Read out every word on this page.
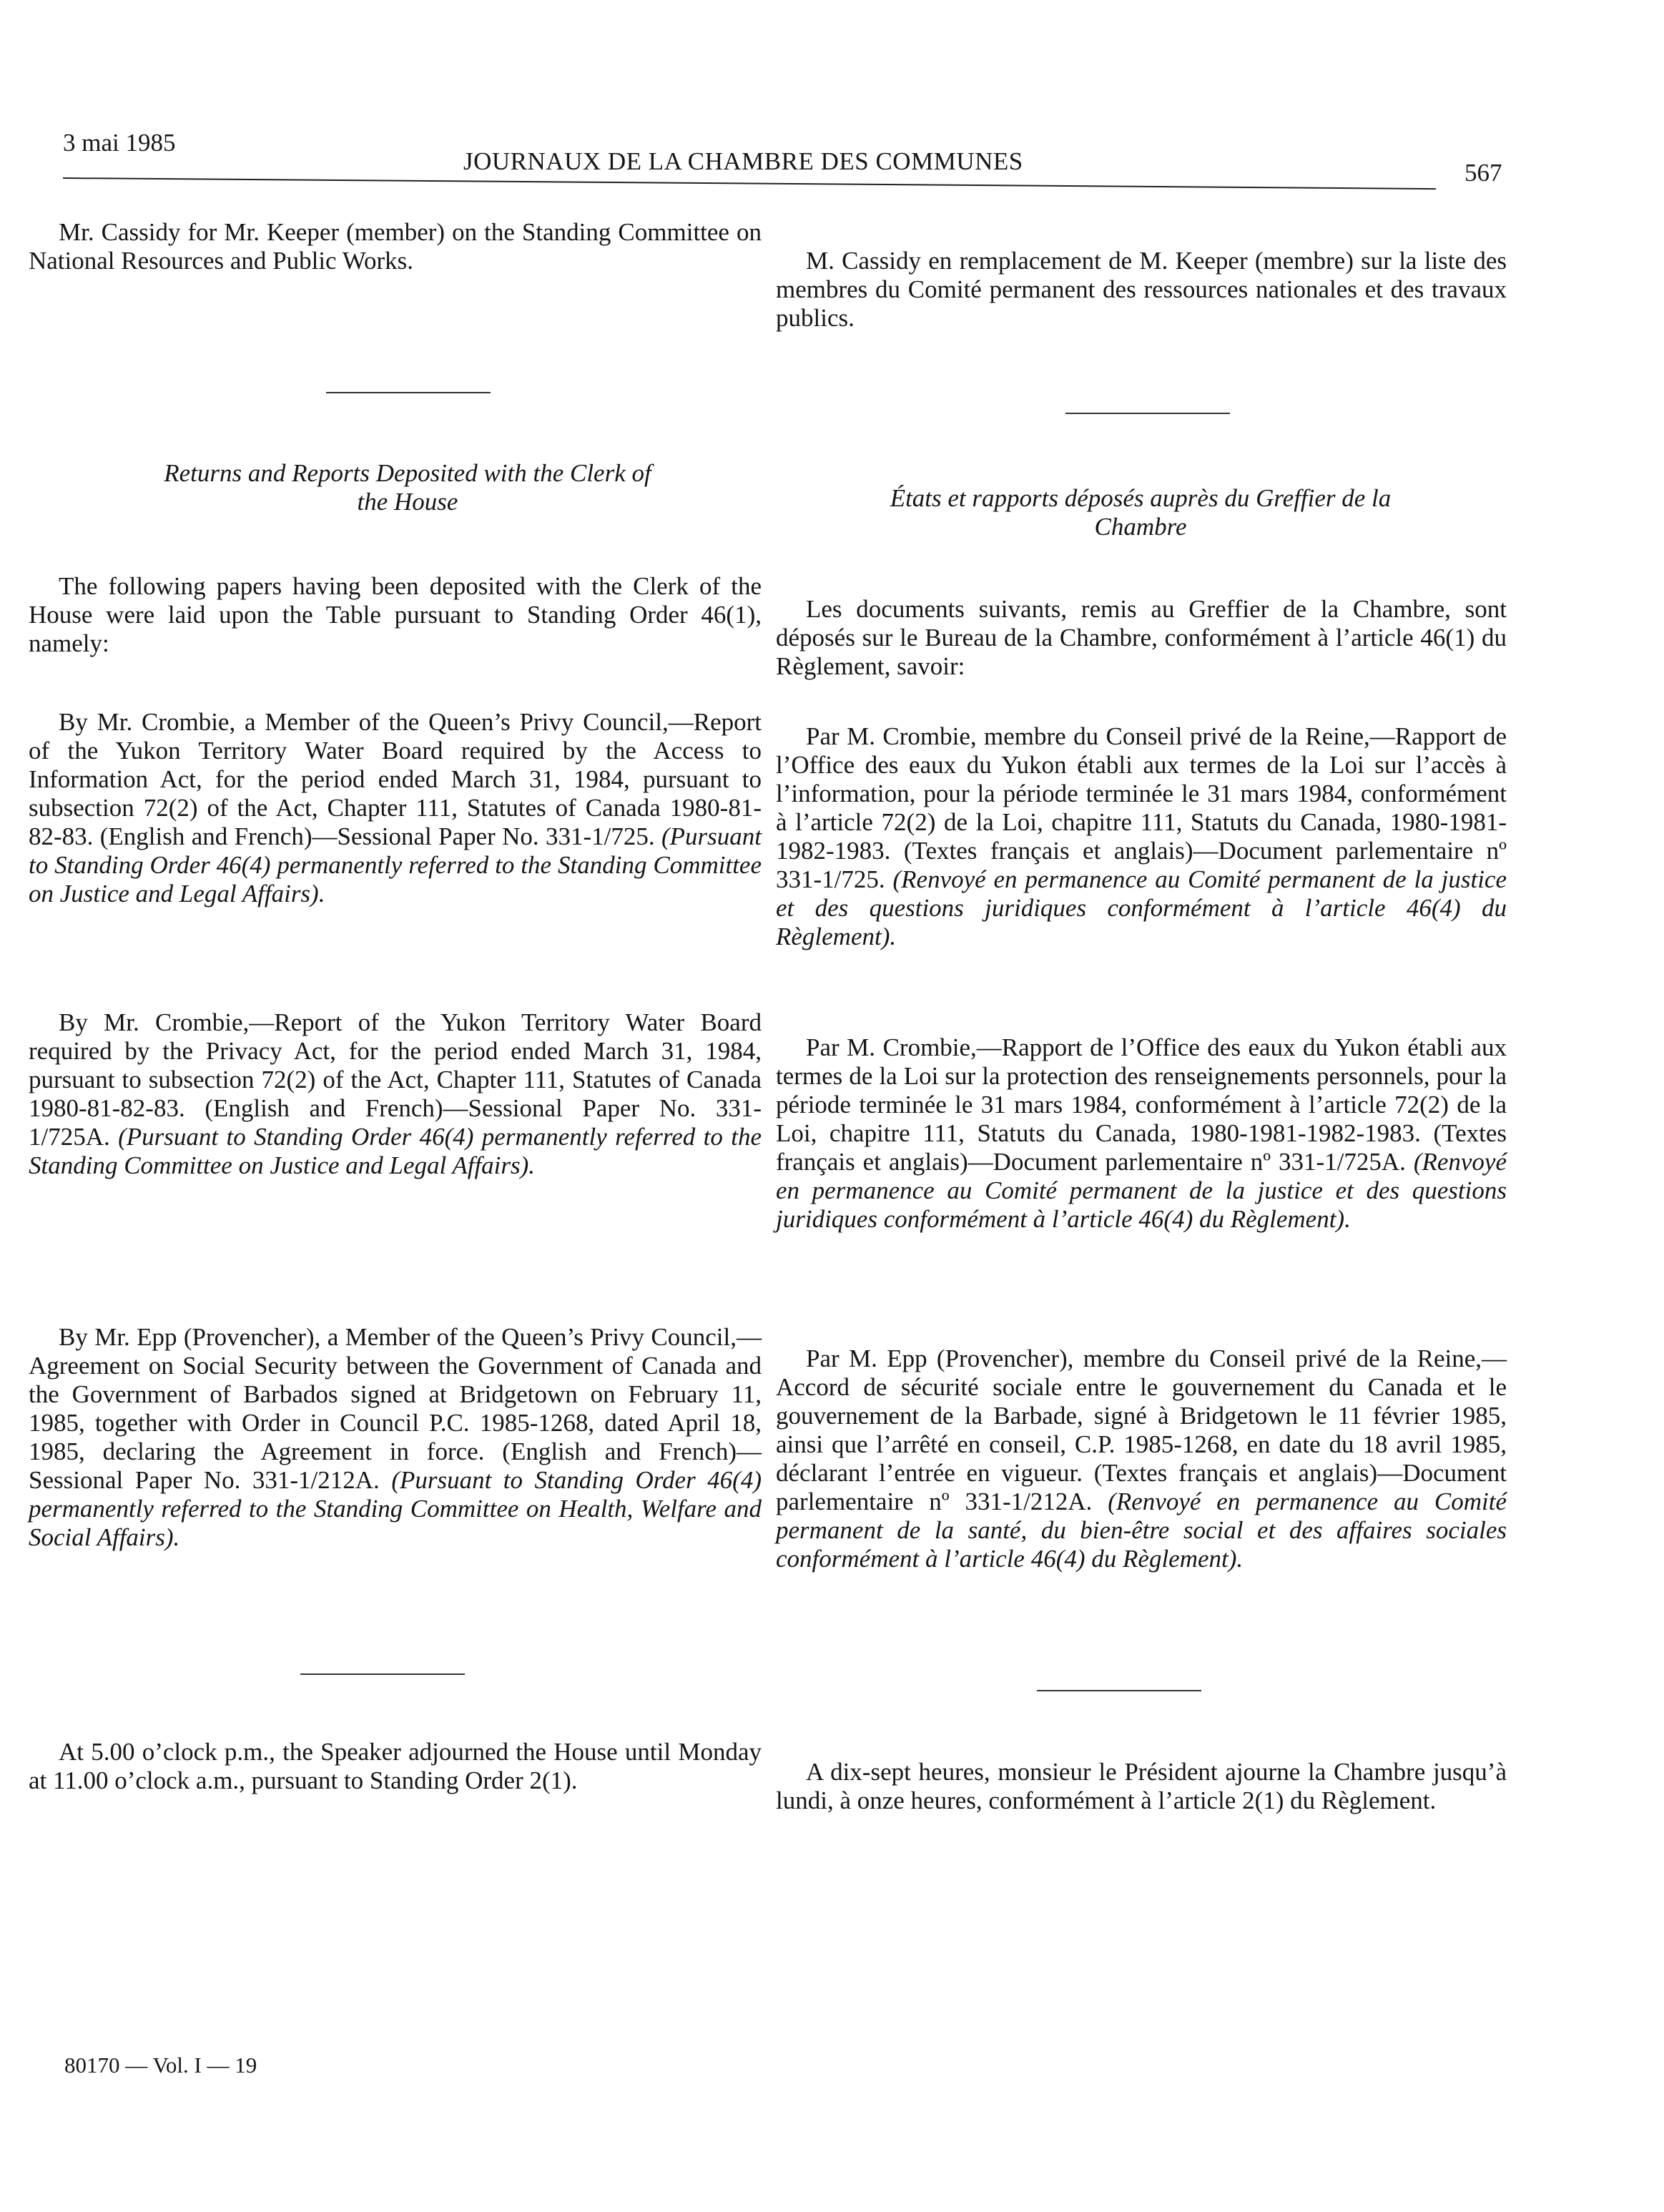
3 mai 1985
JOURNAUX DE LA CHAMBRE DES COMMUNES	567

Mr. Cassidy for Mr. Keeper (member) on the Standing Committee on National Resources and Public Works.

Returns and Reports Deposited with the Clerk of the House

The following papers having been deposited with the Clerk of the House were laid upon the Table pursuant to Standing Order 46(1), namely:

By Mr. Crombie, a Member of the Queen’s Privy Council,—Report of the Yukon Territory Water Board required by the Access to Information Act, for the period ended March 31, 1984, pursuant to subsection 72(2) of the Act, Chapter 111, Statutes of Canada 1980-81-82-83. (English and French)—Sessional Paper No. 331-1/725. (Pursuant to Standing Order 46(4) permanently referred to the Standing Committee on Justice and Legal Affairs).

By Mr. Crombie,—Report of the Yukon Territory Water Board required by the Privacy Act, for the period ended March 31, 1984, pursuant to subsection 72(2) of the Act, Chapter 111, Statutes of Canada 1980-81-82-83. (English and French)—Sessional Paper No. 331-1/725A. (Pursuant to Standing Order 46(4) permanently referred to the Standing Committee on Justice and Legal Affairs).

By Mr. Epp (Provencher), a Member of the Queen’s Privy Council,—Agreement on Social Security between the Government of Canada and the Government of Barbados signed at Bridgetown on February 11, 1985, together with Order in Council P.C. 1985-1268, dated April 18, 1985, declaring the Agreement in force. (English and French)—Sessional Paper No. 331-1/212A. (Pursuant to Standing Order 46(4) permanently referred to the Standing Committee on Health, Welfare and Social Affairs).

At 5.00 o’clock p.m., the Speaker adjourned the House until Monday at 11.00 o’clock a.m., pursuant to Standing Order 2(1).

M. Cassidy en remplacement de M. Keeper (membre) sur la liste des membres du Comité permanent des ressources nationales et des travaux publics.

États et rapports déposés auprès du Greffier de la Chambre

Les documents suivants, remis au Greffier de la Chambre, sont déposés sur le Bureau de la Chambre, conformément à l’article 46(1) du Règlement, savoir:

Par M. Crombie, membre du Conseil privé de la Reine,—Rapport de l’Office des eaux du Yukon établi aux termes de la Loi sur l’accès à l’information, pour la période terminée le 31 mars 1984, conformément à l’article 72(2) de la Loi, chapitre 111, Statuts du Canada, 1980-1981-1982-1983. (Textes français et anglais)—Document parlementaire nº 331-1/725. (Renvoyé en permanence au Comité permanent de la justice et des questions juridiques conformément à l’article 46(4) du Règlement).

Par M. Crombie,—Rapport de l’Office des eaux du Yukon établi aux termes de la Loi sur la protection des renseignements personnels, pour la période terminée le 31 mars 1984, conformément à l’article 72(2) de la Loi, chapitre 111, Statuts du Canada, 1980-1981-1982-1983. (Textes français et anglais)—Document parlementaire nº 331-1/725A. (Renvoyé en permanence au Comité permanent de la justice et des questions juridiques conformément à l’article 46(4) du Règlement).

Par M. Epp (Provencher), membre du Conseil privé de la Reine,—Accord de sécurité sociale entre le gouvernement du Canada et le gouvernement de la Barbade, signé à Bridgetown le 11 février 1985, ainsi que l’arrêté en conseil, C.P. 1985-1268, en date du 18 avril 1985, déclarant l’entrée en vigueur. (Textes français et anglais)—Document parlementaire nº 331-1/212A. (Renvoyé en permanence au Comité permanent de la santé, du bien-être social et des affaires sociales conformément à l’article 46(4) du Règlement).

A dix-sept heures, monsieur le Président ajourne la Chambre jusqu’à lundi, à onze heures, conformément à l’article 2(1) du Règlement.

80170 — Vol. I — 19
